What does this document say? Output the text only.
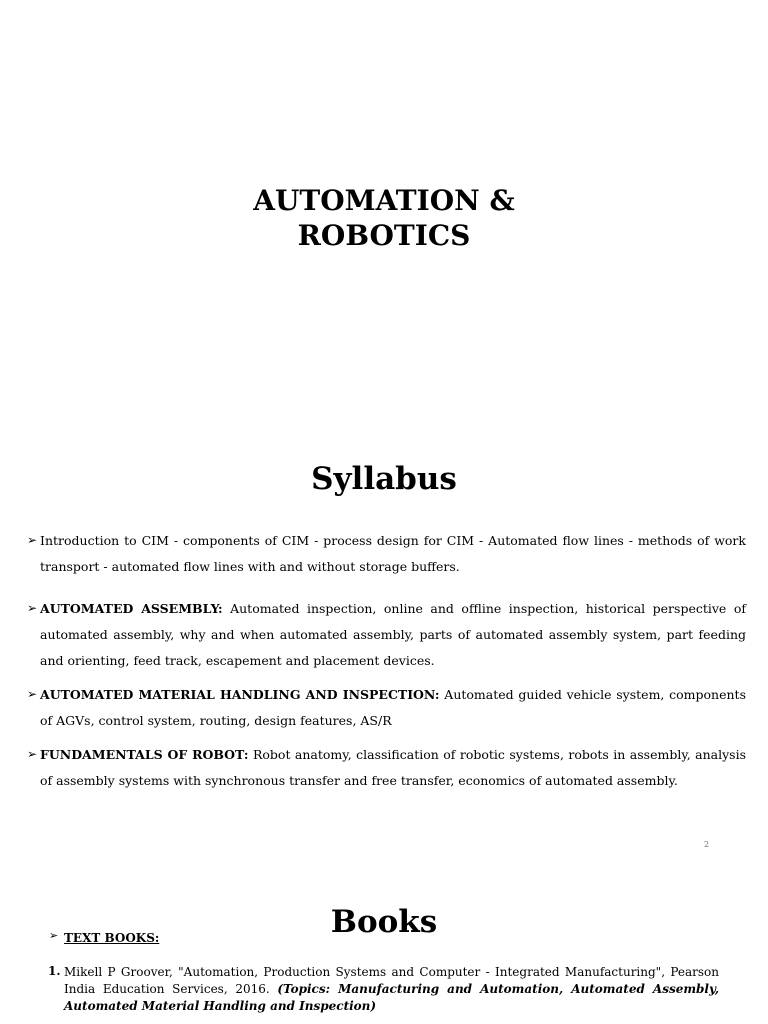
AUTOMATION &
ROBOTICS
Syllabus
➢ Introduction to CIM - components of CIM - process design for CIM - Automated flow lines - methods of work transport - automated flow lines with and without storage buffers.
➢ AUTOMATED ASSEMBLY: Automated inspection, online and offline inspection, historical perspective of automated assembly, why and when automated assembly, parts of automated assembly system, part feeding and orienting, feed track, escapement and placement devices.
➢ AUTOMATED MATERIAL HANDLING AND INSPECTION: Automated guided vehicle system, components of AGVs, control system, routing, design features, AS/R
➢ FUNDAMENTALS OF ROBOT: Robot anatomy, classification of robotic systems, robots in assembly, analysis of assembly systems with synchronous transfer and free transfer, economics of automated assembly.
2
Books
➢ TEXT BOOKS:
1. Mikell P Groover, "Automation, Production Systems and Computer - Integrated Manufacturing", Pearson India Education Services, 2016. (Topics: Manufacturing and Automation, Automated Assembly, Automated Material Handling and Inspection)
